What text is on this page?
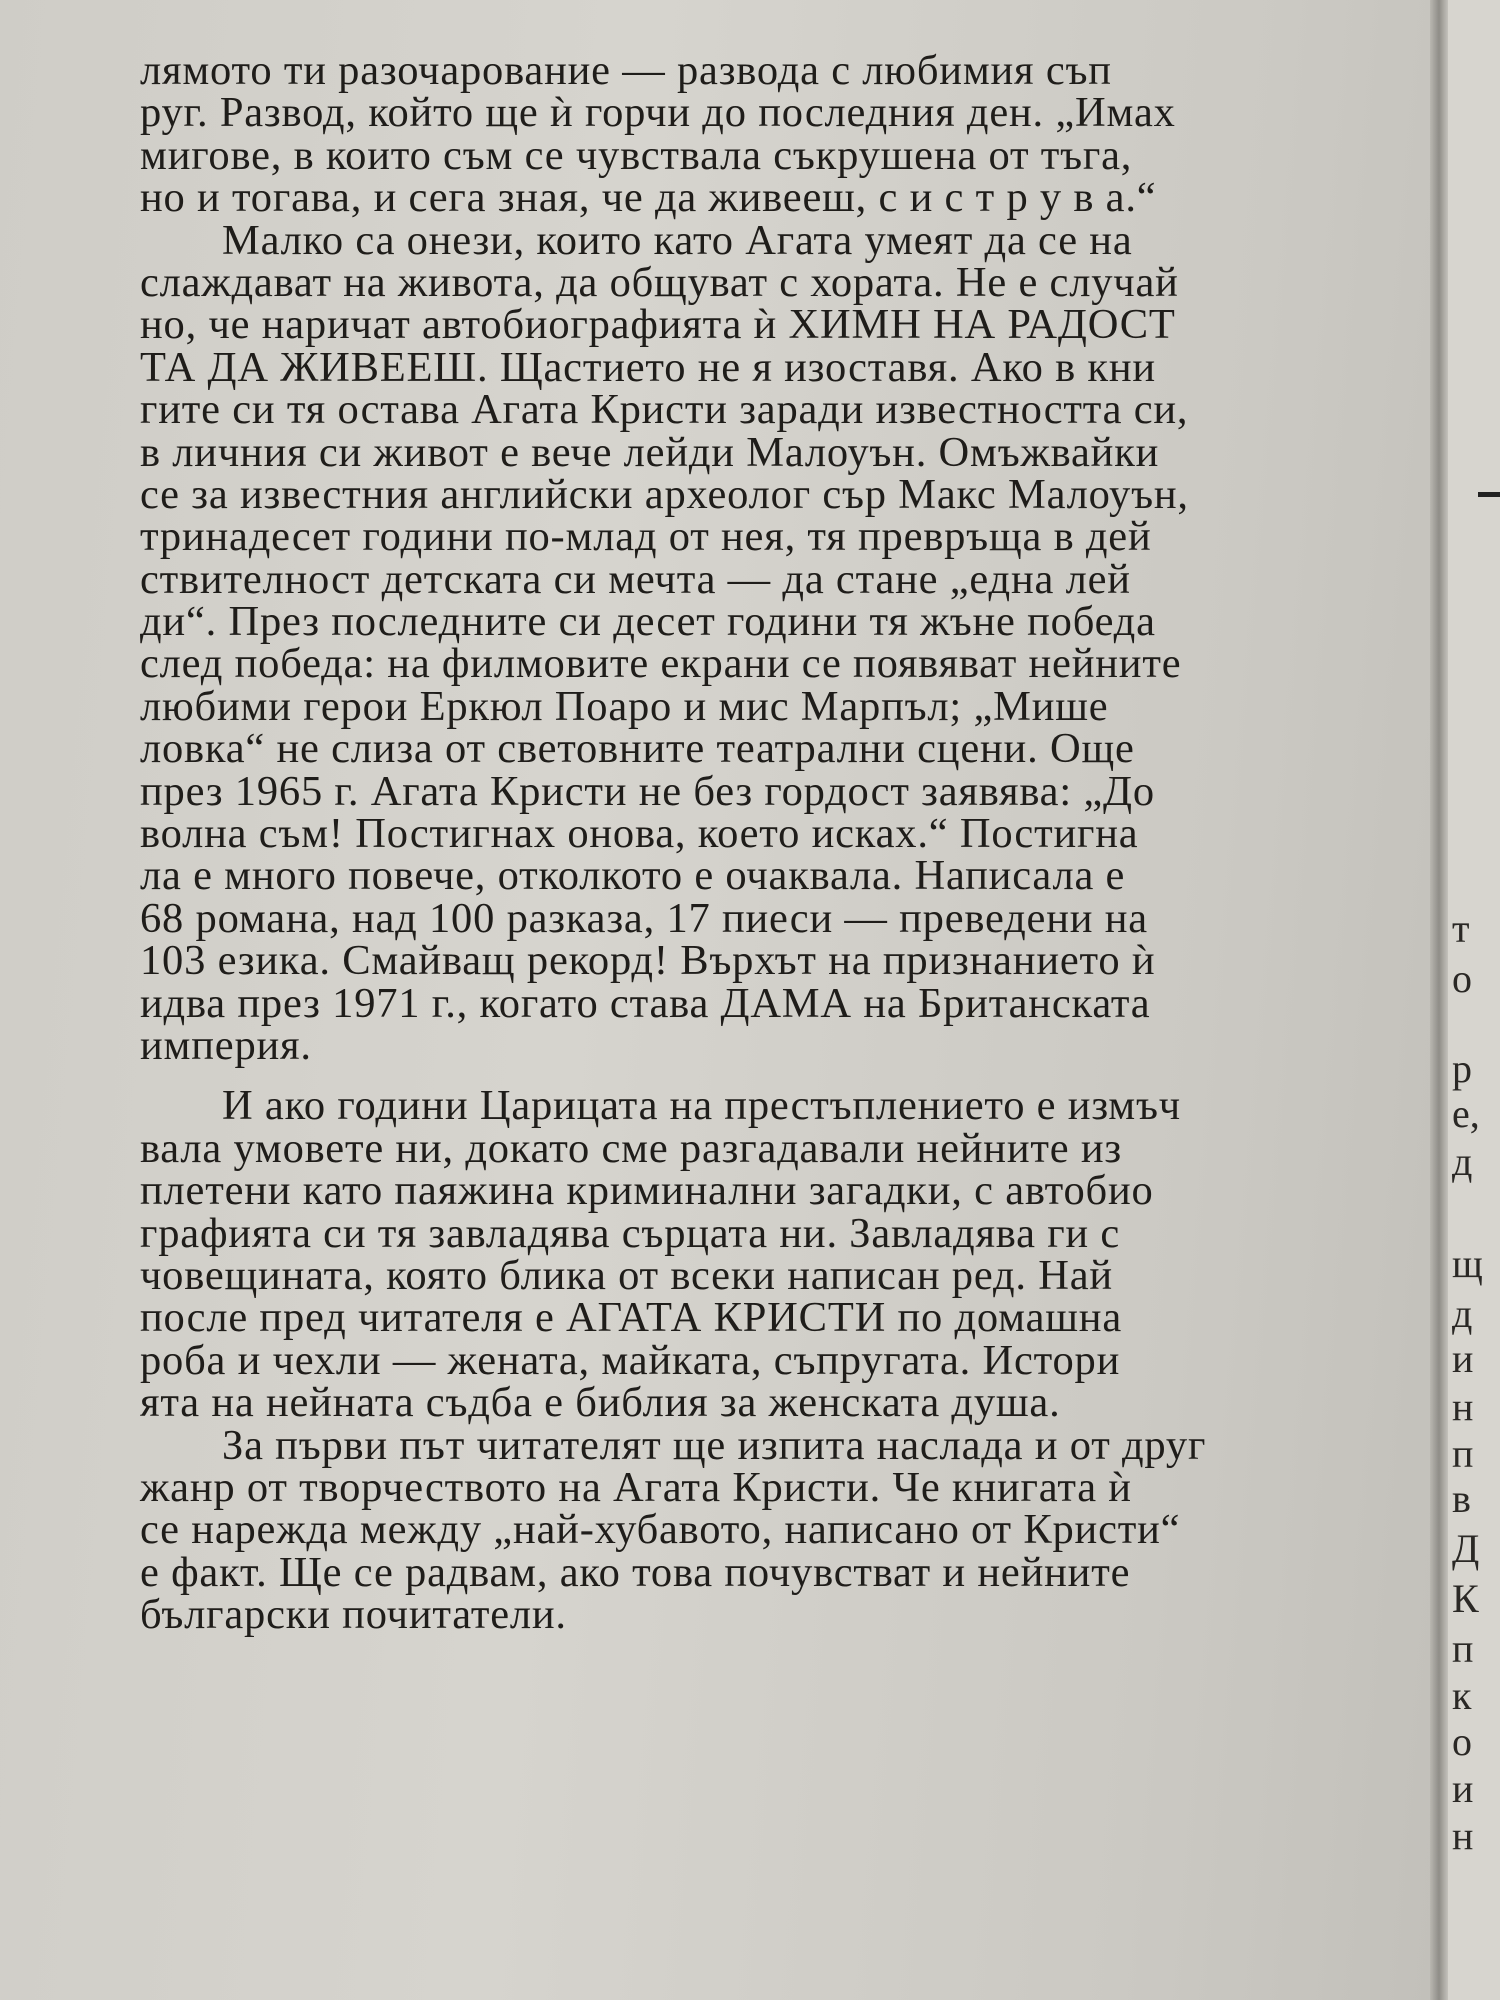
лямото ти разочарование — развода с любимия съп
руг. Развод, който ще ѝ горчи до последния ден. „Имах
мигове, в които съм се чувствала съкрушена от тъга,
но и тогава, и сега зная, че да живееш, с и с т р у в а.“
Малко са онези, които като Агата умеят да се на
слаждават на живота, да общуват с хората. Не е случай
но, че наричат автобиографията ѝ ХИМН НА РАДОСТ
ТА ДА ЖИВЕЕШ. Щастието не я изоставя. Ако в кни
гите си тя остава Агата Кристи заради известността си,
в личния си живот е вече лейди Малоуън. Омъжвайки
се за известния английски археолог сър Макс Малоуън,
тринадесет години по-млад от нея, тя превръща в дей
ствителност детската си мечта — да стане „една лей
ди“. През последните си десет години тя жъне победа
след победа: на филмовите екрани се появяват нейните
любими герои Еркюл Поаро и мис Марпъл; „Мише
ловка“ не слиза от световните театрални сцени. Още
през 1965 г. Агата Кристи не без гордост заявява: „До
волна съм! Постигнах онова, което исках.“ Постигна
ла е много повече, отколкото е очаквала. Написала е
68 романа, над 100 разказа, 17 пиеси — преведени на
103 езика. Смайващ рекорд! Върхът на признанието ѝ
идва през 1971 г., когато става ДАМА на Британската
империя.
И ако години Царицата на престъплението е измъч
вала умовете ни, докато сме разгадавали нейните из
плетени като паяжина криминални загадки, с автобио
графията си тя завладява сърцата ни. Завладява ги с
човещината, която блика от всеки написан ред. Най
после пред читателя е АГАТА КРИСТИ по домашна
роба и чехли — жената, майката, съпругата. Истори
ята на нейната съдба е библия за женската душа.
За първи път читателят ще изпита наслада и от друг
жанр от творчеството на Агата Кристи. Че книгата ѝ
се нарежда между „най-хубавото, написано от Кристи“
е факт. Ще се радвам, ако това почувстват и нейните
български почитатели.
т
о
р
е,
д
щ
д
и
н
п
в
Д
К
п
к
о
и
н
